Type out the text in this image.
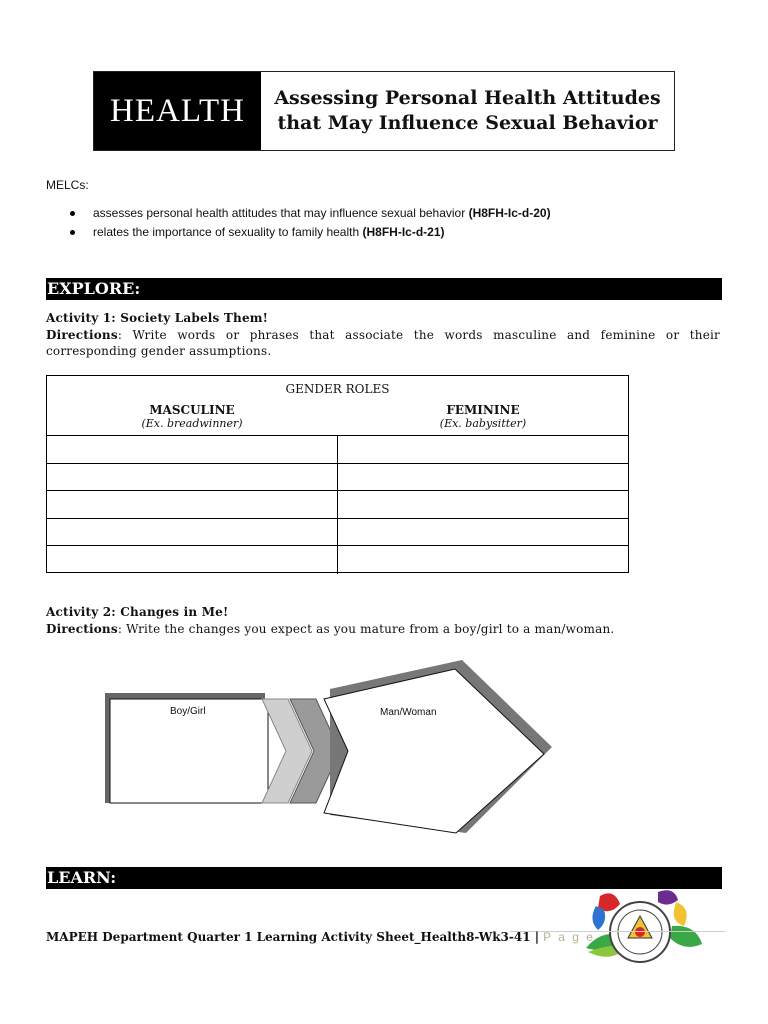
HEALTH	Assessing Personal Health Attitudes that May Influence Sexual Behavior
MELCs:
assesses personal health attitudes that may influence sexual behavior (H8FH-Ic-d-20)
relates the importance of sexuality to family health (H8FH-Ic-d-21)
EXPLORE:
Activity 1: Society Labels Them!
Directions: Write words or phrases that associate the words masculine and feminine or their corresponding gender assumptions.
GENDER ROLES
MASCULINE
(Ex. breadwinner)
FEMININE
(Ex. babysitter)
Activity 2: Changes in Me!
Directions: Write the changes you expect as you mature from a boy/girl to a man/woman.
Boy/Girl	Man/Woman
LEARN:
MAPEH Department Quarter 1 Learning Activity Sheet_Health8-Wk3-41 | P a g e
